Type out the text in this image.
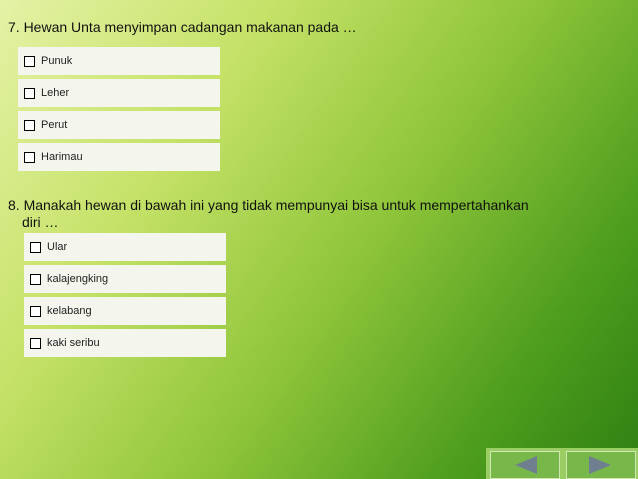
7. Hewan Unta menyimpan cadangan makanan pada …
Punuk
Leher
Perut
Harimau
8. Manakah hewan di bawah ini yang tidak mempunyai bisa untuk mempertahankan
diri …
Ular
kalajengking
kelabang
kaki seribu
